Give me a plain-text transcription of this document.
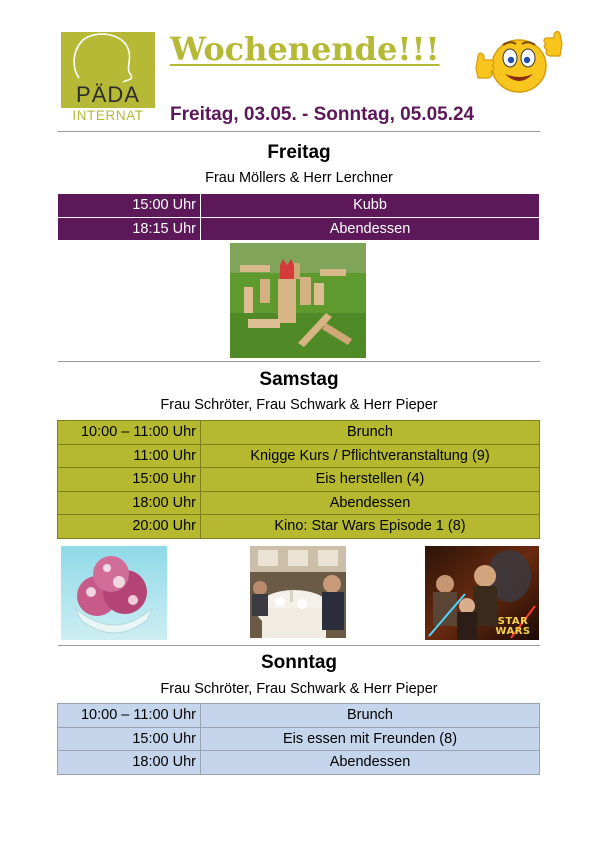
PÄDA
INTERNAT
Wochenende!!!
Freitag, 03.05. - Sonntag, 05.05.24
Freitag
Frau Möllers & Herr Lerchner
15:00 Uhr	Kubb
18:15 Uhr	Abendessen
Samstag
Frau Schröter, Frau Schwark & Herr Pieper
10:00 – 11:00 Uhr	Brunch
11:00 Uhr	Knigge Kurs / Pflichtveranstaltung (9)
15:00 Uhr	Eis herstellen (4)
18:00 Uhr	Abendessen
20:00 Uhr	Kino: Star Wars Episode 1 (8)
STAR WARS
Sonntag
Frau Schröter, Frau Schwark & Herr Pieper
10:00 – 11:00 Uhr	Brunch
15:00 Uhr	Eis essen mit Freunden (8)
18:00 Uhr	Abendessen
